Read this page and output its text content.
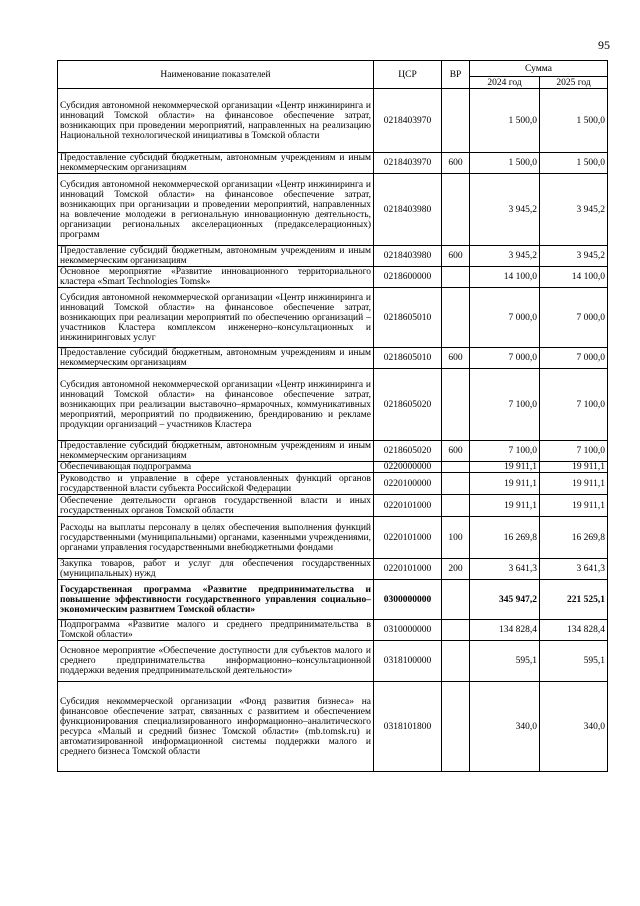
95
Наименование показателей	ЦСР	ВР	Сумма	
			2024 год	2025 год
Субсидия автономной некоммерческой организации «Центр инжиниринга и инноваций Томской области» на финансовое обеспечение затрат, возникающих при проведении мероприятий, направленных на реализацию Национальной технологической инициативы в Томской области	0218403970		1 500,0	1 500,0
Предоставление субсидий бюджетным, автономным учреждениям и иным некоммерческим организациям	0218403970	600	1 500,0	1 500,0
Субсидия автономной некоммерческой организации «Центр инжиниринга и инноваций Томской области» на финансовое обеспечение затрат, возникающих при организации и проведении мероприятий, направленных на вовлечение молодежи в региональную инновационную деятельность, организации региональных акселерационных (предакселерационных) программ	0218403980		3 945,2	3 945,2
Предоставление субсидий бюджетным, автономным учреждениям и иным некоммерческим организациям	0218403980	600	3 945,2	3 945,2
Основное мероприятие «Развитие инновационного территориального кластера «Smart Technologies Tomsk»	0218600000		14 100,0	14 100,0
Субсидия автономной некоммерческой организации «Центр инжиниринга и инноваций Томской области» на финансовое обеспечение затрат, возникающих при реализации мероприятий по обеспечению организаций – участников Кластера комплексом инженерно–консультационных и инжиниринговых услуг	0218605010		7 000,0	7 000,0
Предоставление субсидий бюджетным, автономным учреждениям и иным некоммерческим организациям	0218605010	600	7 000,0	7 000,0
Субсидия автономной некоммерческой организации «Центр инжиниринга и инноваций Томской области» на финансовое обеспечение затрат, возникающих при реализации выставочно–ярмарочных, коммуникативных мероприятий, мероприятий по продвижению, брендированию и рекламе продукции организаций – участников Кластера	0218605020		7 100,0	7 100,0
Предоставление субсидий бюджетным, автономным учреждениям и иным некоммерческим организациям	0218605020	600	7 100,0	7 100,0
Обеспечивающая подпрограмма	0220000000		19 911,1	19 911,1
Руководство и управление в сфере установленных функций органов государственной власти субъекта Российской Федерации	0220100000		19 911,1	19 911,1
Обеспечение деятельности органов государственной власти и иных государственных органов Томской области	0220101000		19 911,1	19 911,1
Расходы на выплаты персоналу в целях обеспечения выполнения функций государственными (муниципальными) органами, казенными учреждениями, органами управления государственными внебюджетными фондами	0220101000	100	16 269,8	16 269,8
Закупка товаров, работ и услуг для обеспечения государственных (муниципальных) нужд	0220101000	200	3 641,3	3 641,3
Государственная программа «Развитие предпринимательства и повышение эффективности государственного управления социально–экономическим развитием Томской области»	0300000000		345 947,2	221 525,1
Подпрограмма «Развитие малого и среднего предпринимательства в Томской области»	0310000000		134 828,4	134 828,4
Основное мероприятие «Обеспечение доступности для субъектов малого и среднего предпринимательства информационно–консультационной поддержки ведения предпринимательской деятельности»	0318100000		595,1	595,1
Субсидия некоммерческой организации «Фонд развития бизнеса» на финансовое обеспечение затрат, связанных с развитием и обеспечением функционирования специализированного информационно–аналитического ресурса «Малый и средний бизнес Томской области» (mb.tomsk.ru) и автоматизированной информационной системы поддержки малого и среднего бизнеса Томской области	0318101800		340,0	340,0
